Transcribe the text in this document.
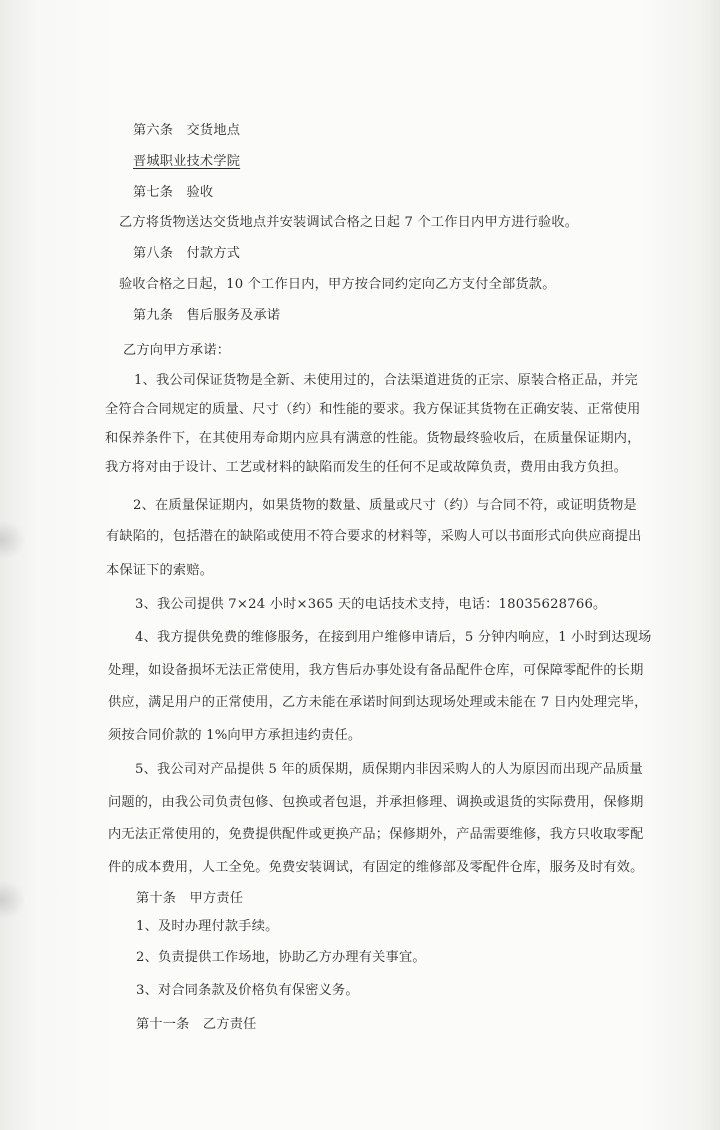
第六条　交货地点
晋城职业技术学院
第七条　验收
乙方将货物送达交货地点并安装调试合格之日起 7 个工作日内甲方进行验收。
第八条　付款方式
验收合格之日起，10 个工作日内，甲方按合同约定向乙方支付全部货款。
第九条　售后服务及承诺
乙方向甲方承诺：
1、我公司保证货物是全新、未使用过的，合法渠道进货的正宗、原装合格正品，并完
全符合合同规定的质量、尺寸（约）和性能的要求。我方保证其货物在正确安装、正常使用
和保养条件下，在其使用寿命期内应具有满意的性能。货物最终验收后，在质量保证期内，
我方将对由于设计、工艺或材料的缺陷而发生的任何不足或故障负责，费用由我方负担。
2、在质量保证期内，如果货物的数量、质量或尺寸（约）与合同不符，或证明货物是
有缺陷的，包括潜在的缺陷或使用不符合要求的材料等，采购人可以书面形式向供应商提出
本保证下的索赔。
3、我公司提供 7×24 小时×365 天的电话技术支持，电话：18035628766。
4、我方提供免费的维修服务，在接到用户维修申请后，5 分钟内响应，1 小时到达现场
处理，如设备损坏无法正常使用，我方售后办事处设有备品配件仓库，可保障零配件的长期
供应，满足用户的正常使用，乙方未能在承诺时间到达现场处理或未能在 7 日内处理完毕，
须按合同价款的 1%向甲方承担违约责任。
5、我公司对产品提供 5 年的质保期，质保期内非因采购人的人为原因而出现产品质量
问题的，由我公司负责包修、包换或者包退，并承担修理、调换或退货的实际费用，保修期
内无法正常使用的，免费提供配件或更换产品；保修期外，产品需要维修，我方只收取零配
件的成本费用，人工全免。免费安装调试，有固定的维修部及零配件仓库，服务及时有效。
第十条　甲方责任
1、及时办理付款手续。
2、负责提供工作场地，协助乙方办理有关事宜。
3、对合同条款及价格负有保密义务。
第十一条　乙方责任
